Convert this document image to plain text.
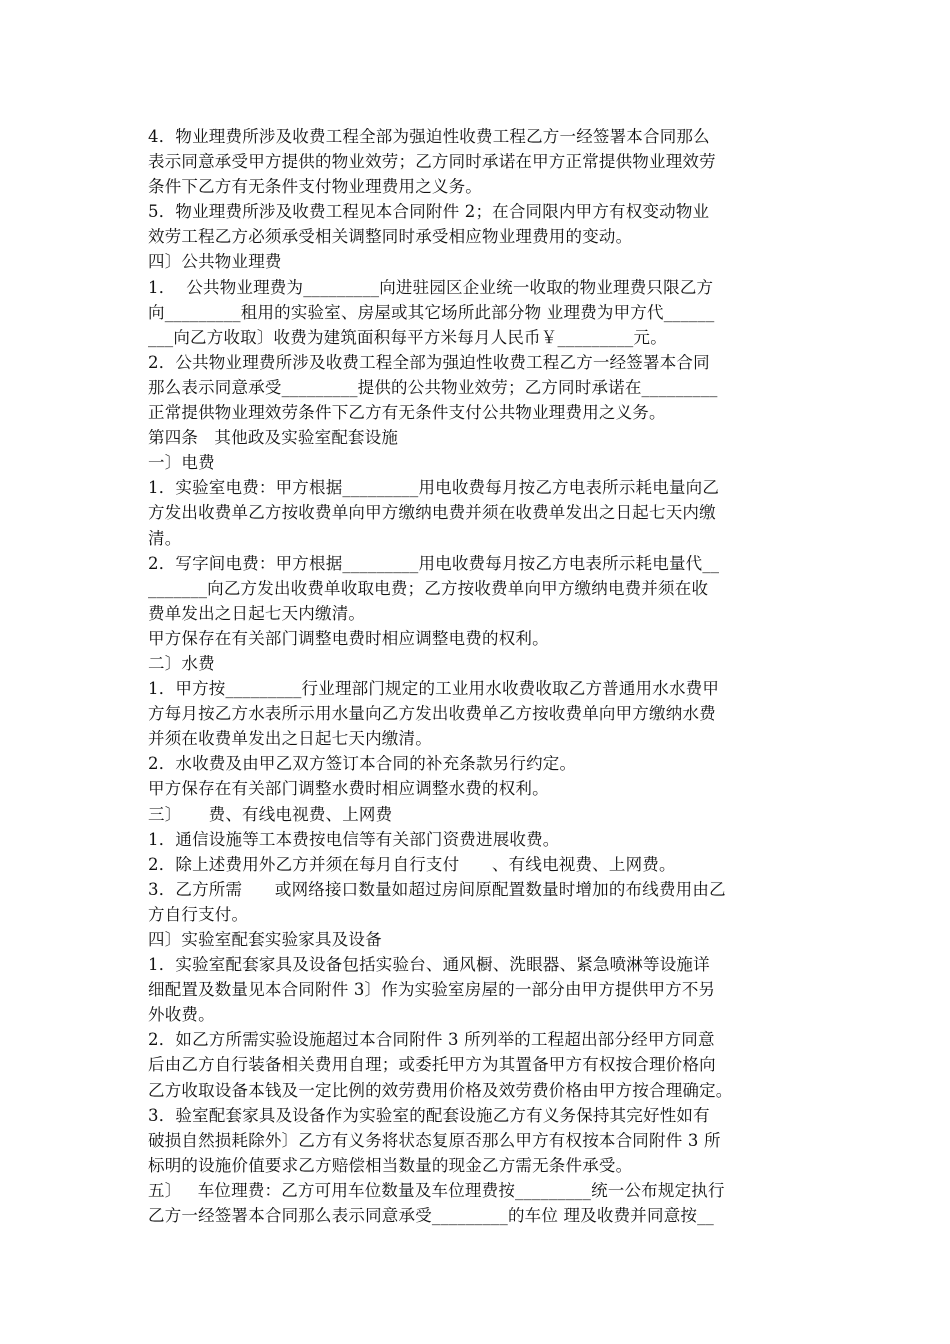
4．物业理费所涉及收费工程全部为强迫性收费工程乙方一经签署本合同那么
表示同意承受甲方提供的物业效劳；乙方同时承诺在甲方正常提供物业理效劳
条件下乙方有无条件支付物业理费用之义务。
5．物业理费所涉及收费工程见本合同附件 2；在合同限内甲方有权变动物业
效劳工程乙方必须承受相关调整同时承受相应物业理费用的变动。
四〕公共物业理费
1．  公共物业理费为_________向进驻园区企业统一收取的物业理费只限乙方
向_________租用的实验室、房屋或其它场所此部分物 业理费为甲方代______
___向乙方收取〕收费为建筑面积每平方米每月人民币￥_________元。
2．公共物业理费所涉及收费工程全部为强迫性收费工程乙方一经签署本合同
那么表示同意承受_________提供的公共物业效劳；乙方同时承诺在_________
正常提供物业理效劳条件下乙方有无条件支付公共物业理费用之义务。
第四条   其他政及实验室配套设施
一〕电费
1．实验室电费：甲方根据_________用电收费每月按乙方电表所示耗电量向乙
方发出收费单乙方按收费单向甲方缴纳电费并须在收费单发出之日起七天内缴
清。
2．写字间电费：甲方根据_________用电收费每月按乙方电表所示耗电量代__
_______向乙方发出收费单收取电费；乙方按收费单向甲方缴纳电费并须在收
费单发出之日起七天内缴清。
甲方保存在有关部门调整电费时相应调整电费的权利。
二〕水费
1．甲方按_________行业理部门规定的工业用水收费收取乙方普通用水水费甲
方每月按乙方水表所示用水量向乙方发出收费单乙方按收费单向甲方缴纳水费
并须在收费单发出之日起七天内缴清。
2．水收费及由甲乙双方签订本合同的补充条款另行约定。
甲方保存在有关部门调整水费时相应调整水费的权利。
三〕     费、有线电视费、上网费
1．通信设施等工本费按电信等有关部门资费进展收费。
2．除上述费用外乙方并须在每月自行支付      、有线电视费、上网费。
3．乙方所需      或网络接口数量如超过房间原配置数量时增加的布线费用由乙
方自行支付。
四〕实验室配套实验家具及设备
1．实验室配套家具及设备包括实验台、通风橱、洗眼器、紧急喷淋等设施详
细配置及数量见本合同附件 3〕作为实验室房屋的一部分由甲方提供甲方不另
外收费。
2．如乙方所需实验设施超过本合同附件 3 所列举的工程超出部分经甲方同意
后由乙方自行装备相关费用自理；或委托甲方为其置备甲方有权按合理价格向
乙方收取设备本钱及一定比例的效劳费用价格及效劳费价格由甲方按合理确定。
3．验室配套家具及设备作为实验室的配套设施乙方有义务保持其完好性如有
破损自然损耗除外〕乙方有义务将状态复原否那么甲方有权按本合同附件 3 所
标明的设施价值要求乙方赔偿相当数量的现金乙方需无条件承受。
五〕   车位理费：乙方可用车位数量及车位理费按_________统一公布规定执行
乙方一经签署本合同那么表示同意承受_________的车位 理及收费并同意按__
